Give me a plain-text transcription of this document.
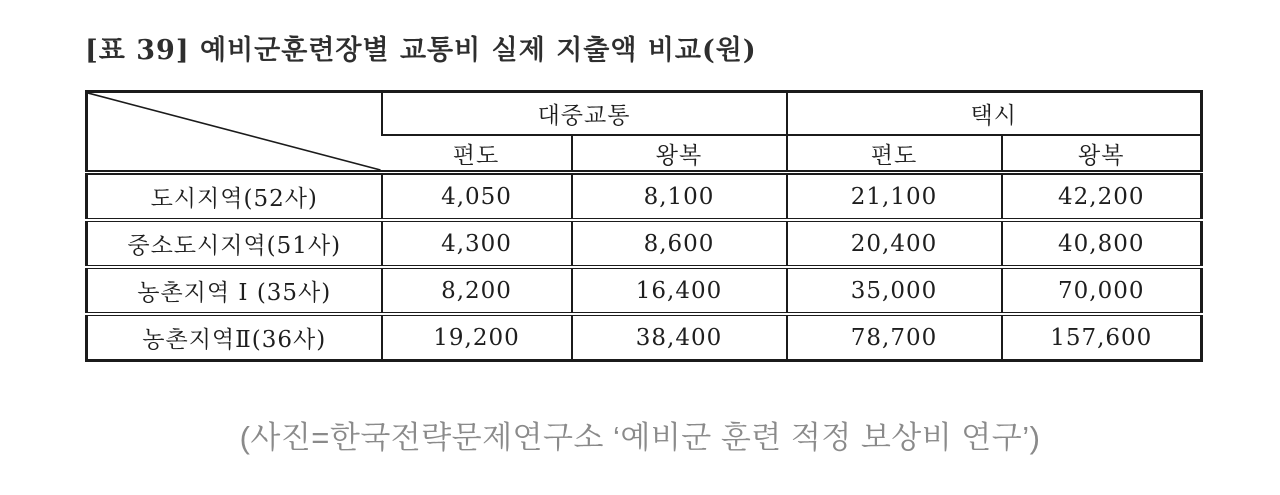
[표 39] 예비군훈련장별 교통비 실제 지출액 비교(원)
	대중교통		택시	
	편도	왕복	편도	왕복
도시지역(52사)	4,050	8,100	21,100	42,200
중소도시지역(51사)	4,300	8,600	20,400	40,800
농촌지역 Ⅰ (35사)	8,200	16,400	35,000	70,000
농촌지역Ⅱ(36사)	19,200	38,400	78,700	157,600
(사진=한국전략문제연구소 ‘예비군 훈련 적정 보상비 연구’)
